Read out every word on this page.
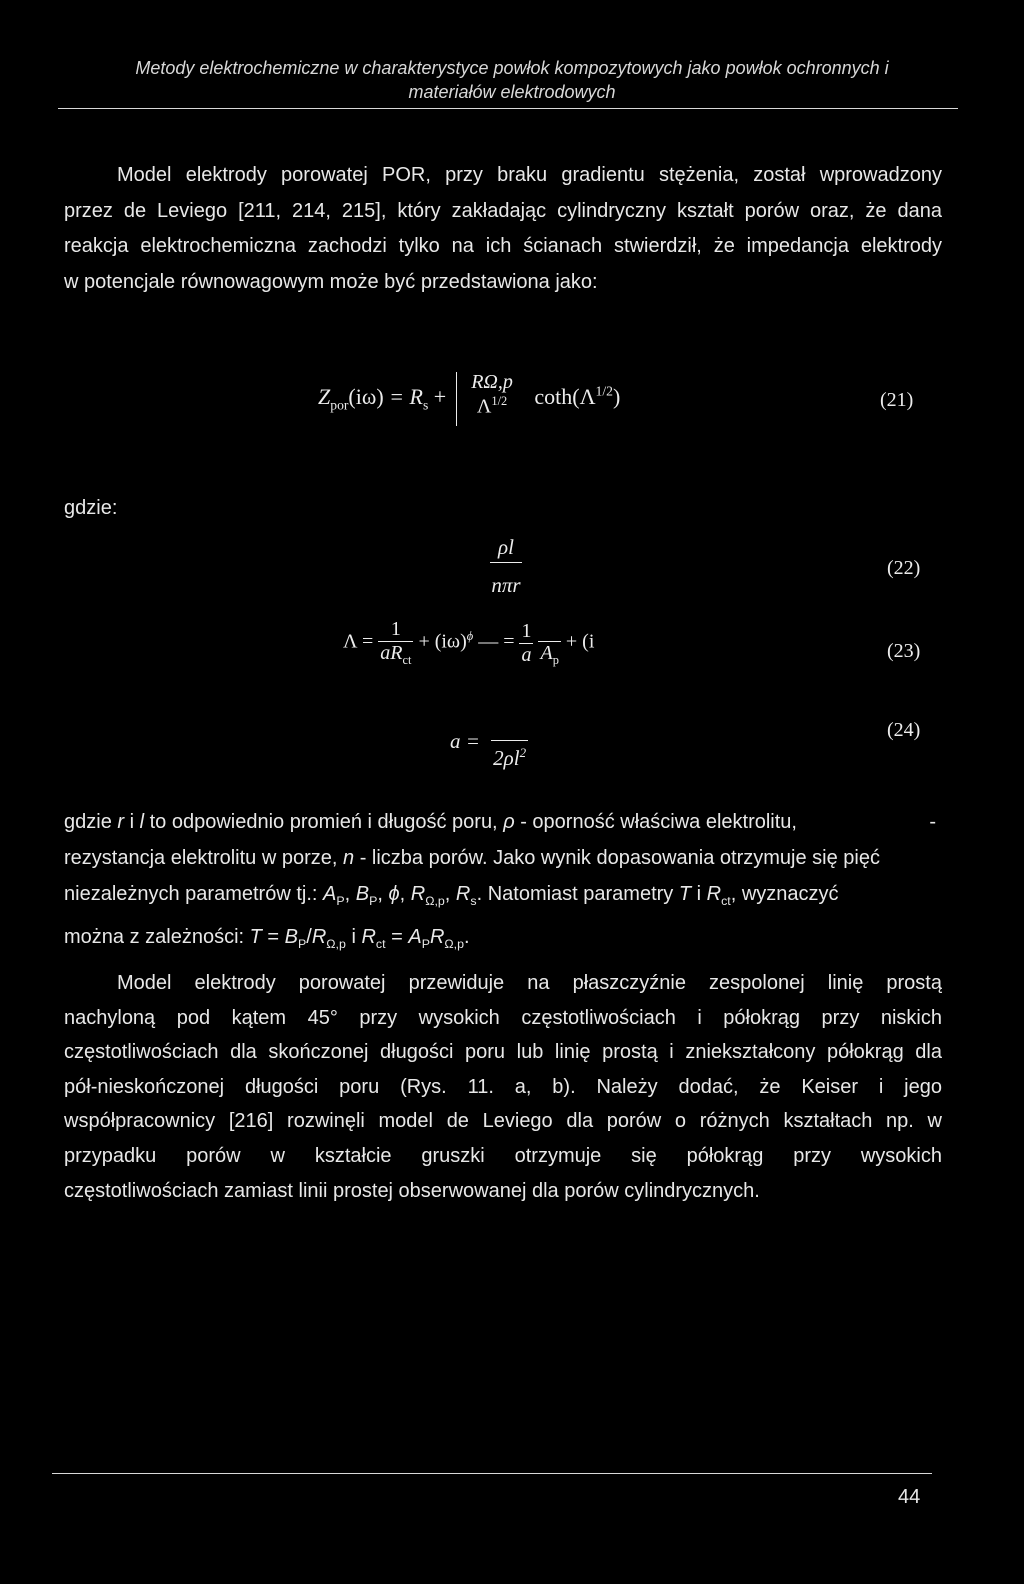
Metody elektrochemiczne w charakterystyce powłok kompozytowych jako powłok ochronnych i
materiałów elektrodowych
Model elektrody porowatej POR, przy braku gradientu stężenia, został wprowadzony
przez de Leviego [211, 214, 215], który zakładając cylindryczny kształt porów oraz, że dana
reakcja elektrochemiczna zachodzi tylko na ich ścianach stwierdził, że impedancja elektrody
w potencjale równowagowym może być przedstawiona jako:
$Z_{por}(i\omega) = R_s$ +
RΩ,p
$\Lambda^{1/2}$	$\cot h(\Lambda^{1/2})$	(21)
gdzie:
$\frac{\rho l}{\text{nπr}}$	(22)
$\Lambda = \frac{1}{aR_{ct}} + (i\omega)^\phi$ — = $\frac{1}{a}$

$A_p$
+ (i	(23)
a =

$2\rho l^2$
(24)
gdzie r i l to odpowiednio promień i długość poru, ρ - oporność właściwa elektrolitu,	-
rezystancja elektrolitu w porze, n - liczba porów. Jako wynik dopasowania otrzymuje się pięć
niezależnych parametrów tj.: $A_P$, $B_P$, ϕ, $R_{\Omega,p}$, $R_s$. Natomiast parametry T i $R_{ct}$, wyznaczyć
można z zależności: $T = B_P/R_{\Omega,p}$ i $R_{ct} = A_PR_{\Omega,p}$.
Model elektrody porowatej przewiduje na płaszczyźnie zespolonej linię prostą
nachyloną pod kątem 45° przy wysokich częstotliwościach i półokrąg przy niskich
częstotliwościach dla skończonej długości poru lub linię prostą i zniekształcony półokrąg dla
pół-nieskończonej długości poru (Rys. 11. a, b). Należy dodać, że Keiser i jego
współpracownicy [216] rozwinęli model de Leviego dla porów o różnych kształtach np. w
przypadku porów w kształcie gruszki otrzymuje się półokrąg przy wysokich
częstotliwościach zamiast linii prostej obserwowanej dla porów cylindrycznych.
44
